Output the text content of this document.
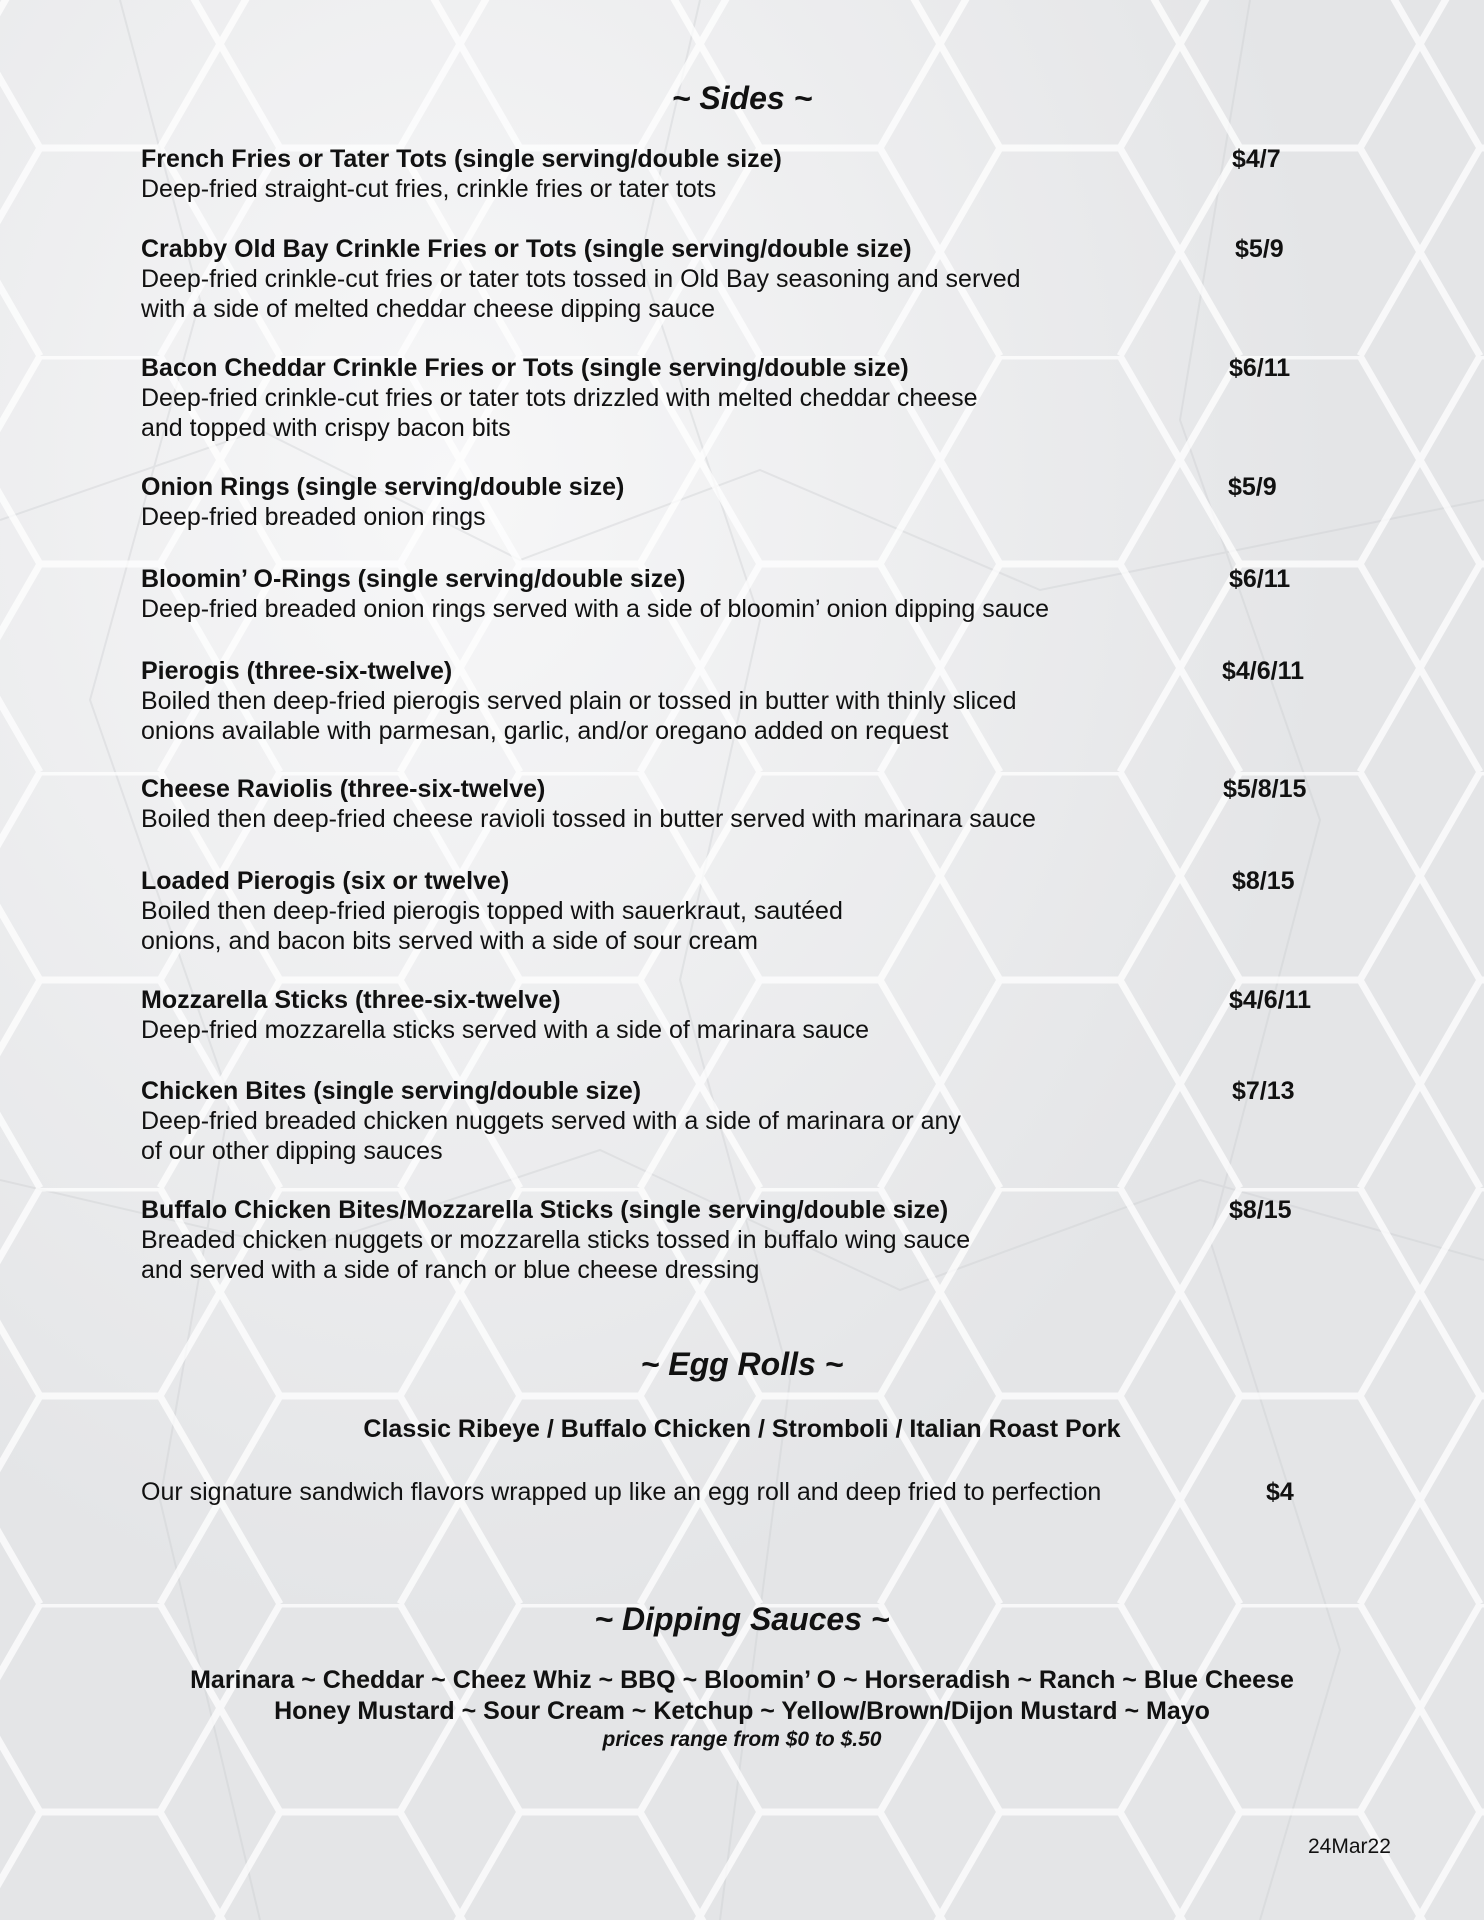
~ Sides ~
French Fries or Tater Tots (single serving/double size)
Deep-fried straight-cut fries, crinkle fries or tater tots
$4/7
Crabby Old Bay Crinkle Fries or Tots (single serving/double size)
Deep-fried crinkle-cut fries or tater tots tossed in Old Bay seasoning and served
with a side of melted cheddar cheese dipping sauce
$5/9
Bacon Cheddar Crinkle Fries or Tots (single serving/double size)
Deep-fried crinkle-cut fries or tater tots drizzled with melted cheddar cheese
and topped with crispy bacon bits
$6/11
Onion Rings (single serving/double size)
Deep-fried breaded onion rings
$5/9
Bloomin’ O-Rings (single serving/double size)
Deep-fried breaded onion rings served with a side of bloomin’ onion dipping sauce
$6/11
Pierogis (three-six-twelve)
Boiled then deep-fried pierogis served plain or tossed in butter with thinly sliced
onions available with parmesan, garlic, and/or oregano added on request
$4/6/11
Cheese Raviolis (three-six-twelve)
Boiled then deep-fried cheese ravioli tossed in butter served with marinara sauce
$5/8/15
Loaded Pierogis (six or twelve)
Boiled then deep-fried pierogis topped with sauerkraut, sautéed
onions, and bacon bits served with a side of sour cream
$8/15
Mozzarella Sticks (three-six-twelve)
Deep-fried mozzarella sticks served with a side of marinara sauce
$4/6/11
Chicken Bites (single serving/double size)
Deep-fried breaded chicken nuggets served with a side of marinara or any
of our other dipping sauces
$7/13
Buffalo Chicken Bites/Mozzarella Sticks (single serving/double size)
Breaded chicken nuggets or mozzarella sticks tossed in buffalo wing sauce
and served with a side of ranch or blue cheese dressing
$8/15
~ Egg Rolls ~
Classic Ribeye / Buffalo Chicken / Stromboli / Italian Roast Pork
Our signature sandwich flavors wrapped up like an egg roll and deep fried to perfection	$4
~ Dipping Sauces ~
Marinara ~ Cheddar ~ Cheez Whiz ~ BBQ ~ Bloomin’ O ~ Horseradish ~ Ranch ~ Blue Cheese
Honey Mustard ~ Sour Cream ~ Ketchup ~ Yellow/Brown/Dijon Mustard ~ Mayo
prices range from $0 to $.50
24Mar22
